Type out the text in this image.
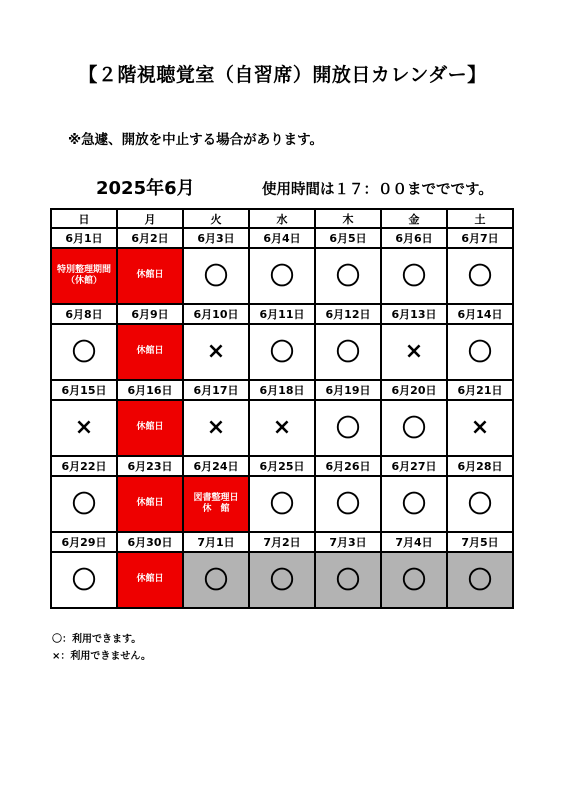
【２階視聴覚室（自習席）開放日カレンダー】
※急遽、開放を中止する場合があります。
2025年6月	使用時間は１７：００まででです。
日	月	火	水	木	金	土
6月1日	6月2日	6月3日	6月4日	6月5日	6月6日	6月7日

特別整理期間
（休館）	休館日	〇	〇	〇	〇	〇
6月8日	6月9日	6月10日	6月11日	6月12日	6月13日	6月14日
〇	休館日	×	〇	〇	×	〇
6月15日	6月16日	6月17日	6月18日	6月19日	6月20日	6月21日
×	休館日	×	×	〇	〇	×
6月22日	6月23日	6月24日	6月25日	6月26日	6月27日	6月28日
〇	休館日	図書整理日
休　館	〇	〇	〇	〇
6月29日	6月30日	7月1日	7月2日	7月3日	7月4日	7月5日
〇	休館日	〇	〇	〇	〇	〇
〇：利用できます。
×：利用できません。
